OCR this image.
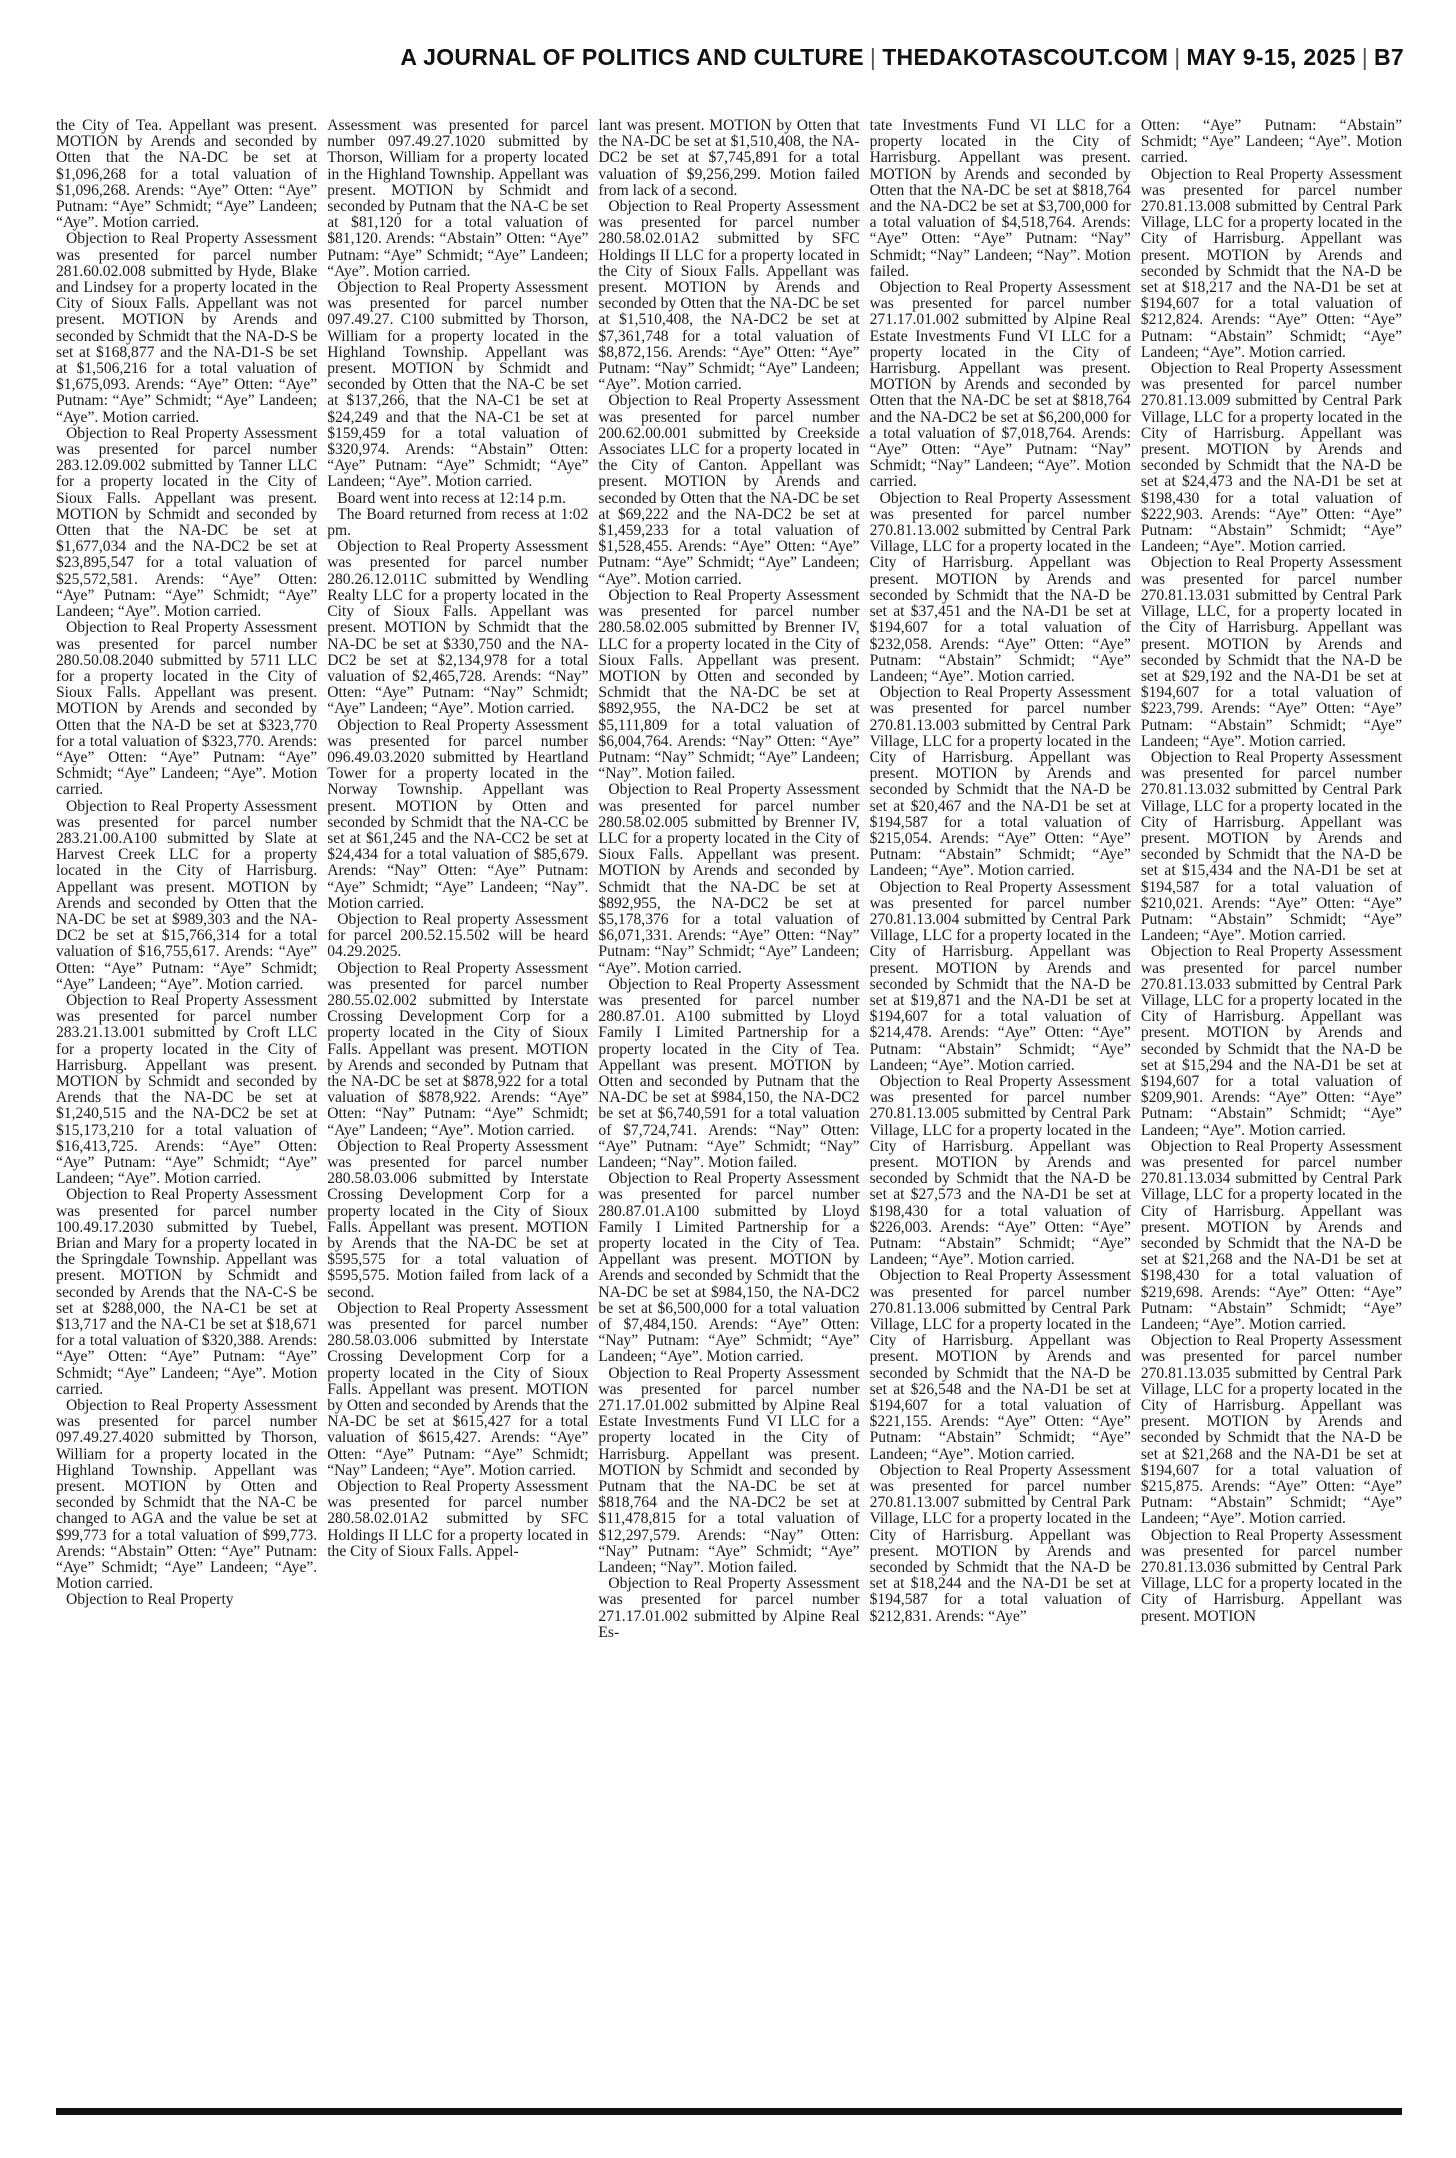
A JOURNAL OF POLITICS AND CULTURE | THEDAKOTASCOUT.COM | MAY 9-15, 2025 | B7

the City of Tea. Appellant was present. MOTION by Arends and seconded by Otten that the NA-DC be set at $1,096,268 for a total valuation of $1,096,268. Arends: “Aye” Otten: “Aye” Putnam: “Aye” Schmidt; “Aye” Landeen; “Aye”. Motion carried.

Objection to Real Property Assessment was presented for parcel number 281.60.02.008 submitted by Hyde, Blake and Lindsey for a property located in the City of Sioux Falls. Appellant was not present. MOTION by Arends and seconded by Schmidt that the NA-D-S be set at $168,877 and the NA-D1-S be set at $1,506,216 for a total valuation of $1,675,093. Arends: “Aye” Otten: “Aye” Putnam: “Aye” Schmidt; “Aye” Landeen; “Aye”. Motion carried.

Objection to Real Property Assessment was presented for parcel number 283.12.09.002 submitted by Tanner LLC for a property located in the City of Sioux Falls. Appellant was present. MOTION by Schmidt and seconded by Otten that the NA-DC be set at $1,677,034 and the NA-DC2 be set at $23,895,547 for a total valuation of $25,572,581. Arends: “Aye” Otten: “Aye” Putnam: “Aye” Schmidt; “Aye” Landeen; “Aye”. Motion carried.

Objection to Real Property Assessment was presented for parcel number 280.50.08.2040 submitted by 5711 LLC for a property located in the City of Sioux Falls. Appellant was present. MOTION by Arends and seconded by Otten that the NA-D be set at $323,770 for a total valuation of $323,770. Arends: “Aye” Otten: “Aye” Putnam: “Aye” Schmidt; “Aye” Landeen; “Aye”. Motion carried.

Objection to Real Property Assessment was presented for parcel number 283.21.00.A100 submitted by Slate at Harvest Creek LLC for a property located in the City of Harrisburg. Appellant was present. MOTION by Arends and seconded by Otten that the NA-DC be set at $989,303 and the NA-DC2 be set at $15,766,314 for a total valuation of $16,755,617. Arends: “Aye” Otten: “Aye” Putnam: “Aye” Schmidt; “Aye” Landeen; “Aye”. Motion carried.

Objection to Real Property Assessment was presented for parcel number 283.21.13.001 submitted by Croft LLC for a property located in the City of Harrisburg. Appellant was present. MOTION by Schmidt and seconded by Arends that the NA-DC be set at $1,240,515 and the NA-DC2 be set at $15,173,210 for a total valuation of $16,413,725. Arends: “Aye” Otten: “Aye” Putnam: “Aye” Schmidt; “Aye” Landeen; “Aye”. Motion carried.

Objection to Real Property Assessment was presented for parcel number 100.49.17.2030 submitted by Tuebel, Brian and Mary for a property located in the Springdale Township. Appellant was present. MOTION by Schmidt and seconded by Arends that the NA-C-S be set at $288,000, the NA-C1 be set at $13,717 and the NA-C1 be set at $18,671 for a total valuation of $320,388. Arends: “Aye” Otten: “Aye” Putnam: “Aye” Schmidt; “Aye” Landeen; “Aye”. Motion carried.

Objection to Real Property Assessment was presented for parcel number 097.49.27.4020 submitted by Thorson, William for a property located in the Highland Township. Appellant was present. MOTION by Otten and seconded by Schmidt that the NA-C be changed to AGA and the value be set at $99,773 for a total valuation of $99,773. Arends: “Abstain” Otten: “Aye” Putnam: “Aye” Schmidt; “Aye” Landeen; “Aye”. Motion carried.

Objection to Real Property

Assessment was presented for parcel number 097.49.27.1020 submitted by Thorson, William for a property located in the Highland Township. Appellant was present. MOTION by Schmidt and seconded by Putnam that the NA-C be set at $81,120 for a total valuation of $81,120. Arends: “Abstain” Otten: “Aye” Putnam: “Aye” Schmidt; “Aye” Landeen; “Aye”. Motion carried.

Objection to Real Property Assessment was presented for parcel number 097.49.27. C100 submitted by Thorson, William for a property located in the Highland Township. Appellant was present. MOTION by Schmidt and seconded by Otten that the NA-C be set at $137,266, that the NA-C1 be set at $24,249 and that the NA-C1 be set at $159,459 for a total valuation of $320,974. Arends: “Abstain” Otten: “Aye” Putnam: “Aye” Schmidt; “Aye” Landeen; “Aye”. Motion carried.

Board went into recess at 12:14 p.m.

The Board returned from recess at 1:02 pm.

Objection to Real Property Assessment was presented for parcel number 280.26.12.011C submitted by Wendling Realty LLC for a property located in the City of Sioux Falls. Appellant was present. MOTION by Schmidt that the NA-DC be set at $330,750 and the NA-DC2 be set at $2,134,978 for a total valuation of $2,465,728. Arends: “Nay” Otten: “Aye” Putnam: “Nay” Schmidt; “Aye” Landeen; “Aye”. Motion carried.

Objection to Real Property Assessment was presented for parcel number 096.49.03.2020 submitted by Heartland Tower for a property located in the Norway Township. Appellant was present. MOTION by Otten and seconded by Schmidt that the NA-CC be set at $61,245 and the NA-CC2 be set at $24,434 for a total valuation of $85,679. Arends: “Nay” Otten: “Aye” Putnam: “Aye” Schmidt; “Aye” Landeen; “Nay”. Motion carried.

Objection to Real property Assessment for parcel 200.52.15.502 will be heard 04.29.2025.

Objection to Real Property Assessment was presented for parcel number 280.55.02.002 submitted by Interstate Crossing Development Corp for a property located in the City of Sioux Falls. Appellant was present. MOTION by Arends and seconded by Putnam that the NA-DC be set at $878,922 for a total valuation of $878,922. Arends: “Aye” Otten: “Nay” Putnam: “Aye” Schmidt; “Aye” Landeen; “Aye”. Motion carried.

Objection to Real Property Assessment was presented for parcel number 280.58.03.006 submitted by Interstate Crossing Development Corp for a property located in the City of Sioux Falls. Appellant was present. MOTION by Arends that the NA-DC be set at $595,575 for a total valuation of $595,575. Motion failed from lack of a second.

Objection to Real Property Assessment was presented for parcel number 280.58.03.006 submitted by Interstate Crossing Development Corp for a property located in the City of Sioux Falls. Appellant was present. MOTION by Otten and seconded by Arends that the NA-DC be set at $615,427 for a total valuation of $615,427. Arends: “Aye” Otten: “Aye” Putnam: “Aye” Schmidt; “Nay” Landeen; “Aye”. Motion carried.

Objection to Real Property Assessment was presented for parcel number 280.58.02.01A2 submitted by SFC Holdings II LLC for a property located in the City of Sioux Falls. Appel-

lant was present. MOTION by Otten that the NA-DC be set at $1,510,408, the NA-DC2 be set at $7,745,891 for a total valuation of $9,256,299. Motion failed from lack of a second.

Objection to Real Property Assessment was presented for parcel number 280.58.02.01A2 submitted by SFC Holdings II LLC for a property located in the City of Sioux Falls. Appellant was present. MOTION by Arends and seconded by Otten that the NA-DC be set at $1,510,408, the NA-DC2 be set at $7,361,748 for a total valuation of $8,872,156. Arends: “Aye” Otten: “Aye” Putnam: “Nay” Schmidt; “Aye” Landeen; “Aye”. Motion carried.

Objection to Real Property Assessment was presented for parcel number 200.62.00.001 submitted by Creekside Associates LLC for a property located in the City of Canton. Appellant was present. MOTION by Arends and seconded by Otten that the NA-DC be set at $69,222 and the NA-DC2 be set at $1,459,233 for a total valuation of $1,528,455. Arends: “Aye” Otten: “Aye” Putnam: “Aye” Schmidt; “Aye” Landeen; “Aye”. Motion carried.

Objection to Real Property Assessment was presented for parcel number 280.58.02.005 submitted by Brenner IV, LLC for a property located in the City of Sioux Falls. Appellant was present. MOTION by Otten and seconded by Schmidt that the NA-DC be set at $892,955, the NA-DC2 be set at $5,111,809 for a total valuation of $6,004,764. Arends: “Nay” Otten: “Aye” Putnam: “Nay” Schmidt; “Aye” Landeen; “Nay”. Motion failed.

Objection to Real Property Assessment was presented for parcel number 280.58.02.005 submitted by Brenner IV, LLC for a property located in the City of Sioux Falls. Appellant was present. MOTION by Arends and seconded by Schmidt that the NA-DC be set at $892,955, the NA-DC2 be set at $5,178,376 for a total valuation of $6,071,331. Arends: “Aye” Otten: “Nay” Putnam: “Nay” Schmidt; “Aye” Landeen; “Aye”. Motion carried.

Objection to Real Property Assessment was presented for parcel number 280.87.01. A100 submitted by Lloyd Family I Limited Partnership for a property located in the City of Tea. Appellant was present. MOTION by Otten and seconded by Putnam that the NA-DC be set at $984,150, the NA-DC2 be set at $6,740,591 for a total valuation of $7,724,741. Arends: “Nay” Otten: “Aye” Putnam: “Aye” Schmidt; “Nay” Landeen; “Nay”. Motion failed.

Objection to Real Property Assessment was presented for parcel number 280.87.01.A100 submitted by Lloyd Family I Limited Partnership for a property located in the City of Tea. Appellant was present. MOTION by Arends and seconded by Schmidt that the NA-DC be set at $984,150, the NA-DC2 be set at $6,500,000 for a total valuation of $7,484,150. Arends: “Aye” Otten: “Nay” Putnam: “Aye” Schmidt; “Aye” Landeen; “Aye”. Motion carried.

Objection to Real Property Assessment was presented for parcel number 271.17.01.002 submitted by Alpine Real Estate Investments Fund VI LLC for a property located in the City of Harrisburg. Appellant was present. MOTION by Schmidt and seconded by Putnam that the NA-DC be set at $818,764 and the NA-DC2 be set at $11,478,815 for a total valuation of $12,297,579. Arends: “Nay” Otten: “Nay” Putnam: “Aye” Schmidt; “Aye” Landeen; “Nay”. Motion failed.

Objection to Real Property Assessment was presented for parcel number 271.17.01.002 submitted by Alpine Real Es-

tate Investments Fund VI LLC for a property located in the City of Harrisburg. Appellant was present. MOTION by Arends and seconded by Otten that the NA-DC be set at $818,764 and the NA-DC2 be set at $3,700,000 for a total valuation of $4,518,764. Arends: “Aye” Otten: “Aye” Putnam: “Nay” Schmidt; “Nay” Landeen; “Nay”. Motion failed.

Objection to Real Property Assessment was presented for parcel number 271.17.01.002 submitted by Alpine Real Estate Investments Fund VI LLC for a property located in the City of Harrisburg. Appellant was present. MOTION by Arends and seconded by Otten that the NA-DC be set at $818,764 and the NA-DC2 be set at $6,200,000 for a total valuation of $7,018,764. Arends: “Aye” Otten: “Aye” Putnam: “Nay” Schmidt; “Nay” Landeen; “Aye”. Motion carried.

Objection to Real Property Assessment was presented for parcel number 270.81.13.002 submitted by Central Park Village, LLC for a property located in the City of Harrisburg. Appellant was present. MOTION by Arends and seconded by Schmidt that the NA-D be set at $37,451 and the NA-D1 be set at $194,607 for a total valuation of $232,058. Arends: “Aye” Otten: “Aye” Putnam: “Abstain” Schmidt; “Aye” Landeen; “Aye”. Motion carried.

Objection to Real Property Assessment was presented for parcel number 270.81.13.003 submitted by Central Park Village, LLC for a property located in the City of Harrisburg. Appellant was present. MOTION by Arends and seconded by Schmidt that the NA-D be set at $20,467 and the NA-D1 be set at $194,587 for a total valuation of $215,054. Arends: “Aye” Otten: “Aye” Putnam: “Abstain” Schmidt; “Aye” Landeen; “Aye”. Motion carried.

Objection to Real Property Assessment was presented for parcel number 270.81.13.004 submitted by Central Park Village, LLC for a property located in the City of Harrisburg. Appellant was present. MOTION by Arends and seconded by Schmidt that the NA-D be set at $19,871 and the NA-D1 be set at $194,607 for a total valuation of $214,478. Arends: “Aye” Otten: “Aye” Putnam: “Abstain” Schmidt; “Aye” Landeen; “Aye”. Motion carried.

Objection to Real Property Assessment was presented for parcel number 270.81.13.005 submitted by Central Park Village, LLC for a property located in the City of Harrisburg. Appellant was present. MOTION by Arends and seconded by Schmidt that the NA-D be set at $27,573 and the NA-D1 be set at $198,430 for a total valuation of $226,003. Arends: “Aye” Otten: “Aye” Putnam: “Abstain” Schmidt; “Aye” Landeen; “Aye”. Motion carried.

Objection to Real Property Assessment was presented for parcel number 270.81.13.006 submitted by Central Park Village, LLC for a property located in the City of Harrisburg. Appellant was present. MOTION by Arends and seconded by Schmidt that the NA-D be set at $26,548 and the NA-D1 be set at $194,607 for a total valuation of $221,155. Arends: “Aye” Otten: “Aye” Putnam: “Abstain” Schmidt; “Aye” Landeen; “Aye”. Motion carried.

Objection to Real Property Assessment was presented for parcel number 270.81.13.007 submitted by Central Park Village, LLC for a property located in the City of Harrisburg. Appellant was present. MOTION by Arends and seconded by Schmidt that the NA-D be set at $18,244 and the NA-D1 be set at $194,587 for a total valuation of $212,831. Arends: “Aye”

Otten: “Aye” Putnam: “Abstain” Schmidt; “Aye” Landeen; “Aye”. Motion carried.

Objection to Real Property Assessment was presented for parcel number 270.81.13.008 submitted by Central Park Village, LLC for a property located in the City of Harrisburg. Appellant was present. MOTION by Arends and seconded by Schmidt that the NA-D be set at $18,217 and the NA-D1 be set at $194,607 for a total valuation of $212,824. Arends: “Aye” Otten: “Aye” Putnam: “Abstain” Schmidt; “Aye” Landeen; “Aye”. Motion carried.

Objection to Real Property Assessment was presented for parcel number 270.81.13.009 submitted by Central Park Village, LLC for a property located in the City of Harrisburg. Appellant was present. MOTION by Arends and seconded by Schmidt that the NA-D be set at $24,473 and the NA-D1 be set at $198,430 for a total valuation of $222,903. Arends: “Aye” Otten: “Aye” Putnam: “Abstain” Schmidt; “Aye” Landeen; “Aye”. Motion carried.

Objection to Real Property Assessment was presented for parcel number 270.81.13.031 submitted by Central Park Village, LLC, for a property located in the City of Harrisburg. Appellant was present. MOTION by Arends and seconded by Schmidt that the NA-D be set at $29,192 and the NA-D1 be set at $194,607 for a total valuation of $223,799. Arends: “Aye” Otten: “Aye” Putnam: “Abstain” Schmidt; “Aye” Landeen; “Aye”. Motion carried.

Objection to Real Property Assessment was presented for parcel number 270.81.13.032 submitted by Central Park Village, LLC for a property located in the City of Harrisburg. Appellant was present. MOTION by Arends and seconded by Schmidt that the NA-D be set at $15,434 and the NA-D1 be set at $194,587 for a total valuation of $210,021. Arends: “Aye” Otten: “Aye” Putnam: “Abstain” Schmidt; “Aye” Landeen; “Aye”. Motion carried.

Objection to Real Property Assessment was presented for parcel number 270.81.13.033 submitted by Central Park Village, LLC for a property located in the City of Harrisburg. Appellant was present. MOTION by Arends and seconded by Schmidt that the NA-D be set at $15,294 and the NA-D1 be set at $194,607 for a total valuation of $209,901. Arends: “Aye” Otten: “Aye” Putnam: “Abstain” Schmidt; “Aye” Landeen; “Aye”. Motion carried.

Objection to Real Property Assessment was presented for parcel number 270.81.13.034 submitted by Central Park Village, LLC for a property located in the City of Harrisburg. Appellant was present. MOTION by Arends and seconded by Schmidt that the NA-D be set at $21,268 and the NA-D1 be set at $198,430 for a total valuation of $219,698. Arends: “Aye” Otten: “Aye” Putnam: “Abstain” Schmidt; “Aye” Landeen; “Aye”. Motion carried.

Objection to Real Property Assessment was presented for parcel number 270.81.13.035 submitted by Central Park Village, LLC for a property located in the City of Harrisburg. Appellant was present. MOTION by Arends and seconded by Schmidt that the NA-D be set at $21,268 and the NA-D1 be set at $194,607 for a total valuation of $215,875. Arends: “Aye” Otten: “Aye” Putnam: “Abstain” Schmidt; “Aye” Landeen; “Aye”. Motion carried.

Objection to Real Property Assessment was presented for parcel number 270.81.13.036 submitted by Central Park Village, LLC for a property located in the City of Harrisburg. Appellant was present. MOTION
